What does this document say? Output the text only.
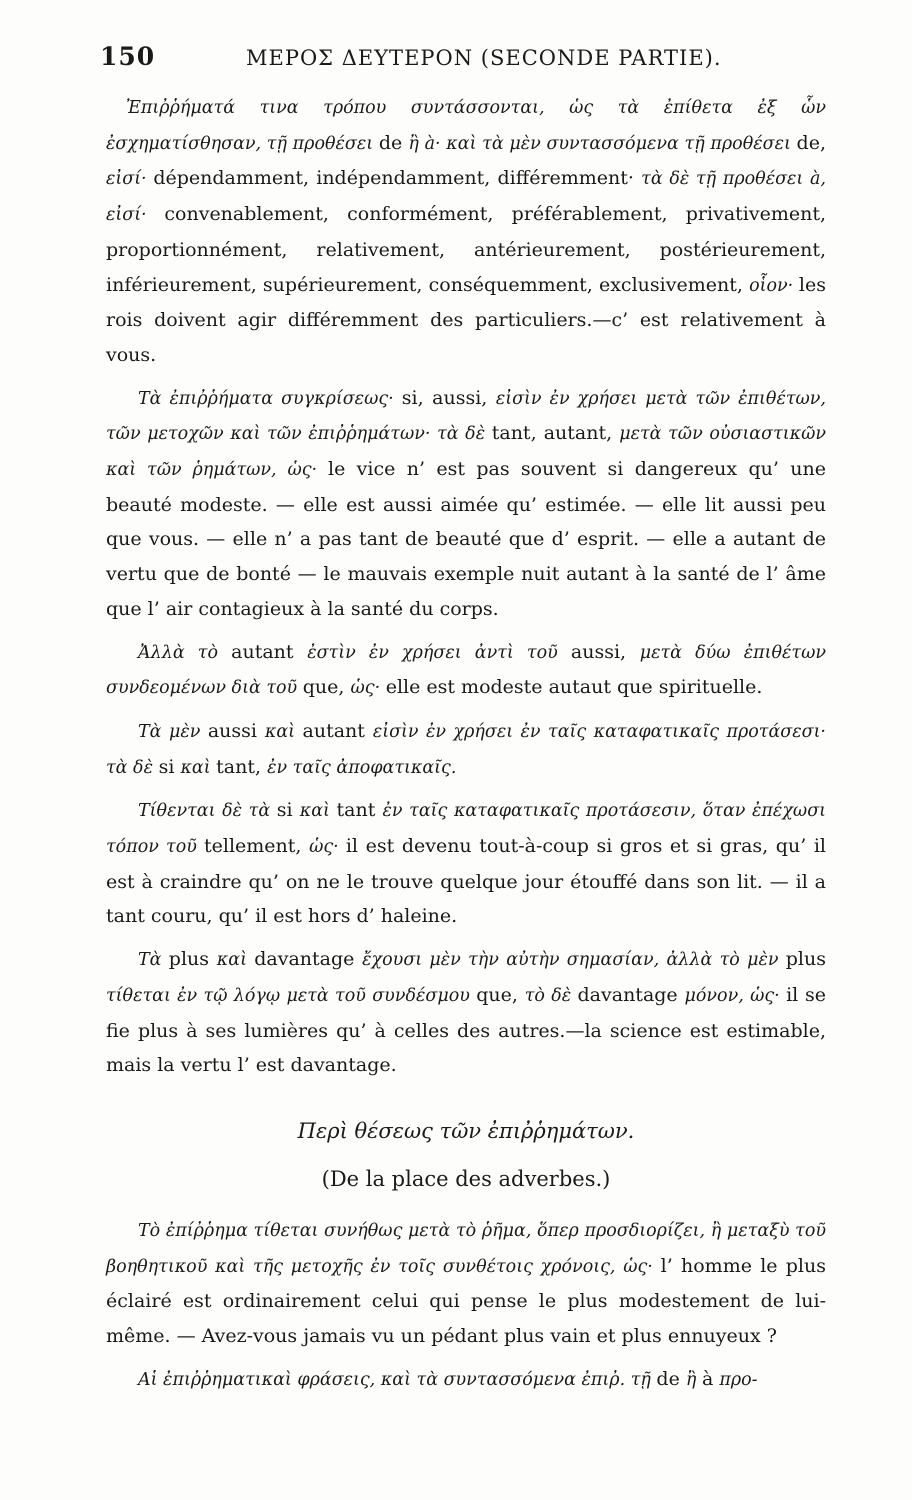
150	ΜΕΡΟΣ ΔΕΥΤΕΡΟΝ (SECONDE PARTIE).

Ἐπιῤῥήματά τινα τρόπου συντάσσονται, ὡς τὰ ἐπίθετα ἐξ ὧν ἐσχηματίσθησαν, τῇ προθέσει de ἢ à· καὶ τὰ μὲν συντασσόμενα τῇ προθέσει de, εἰσί· dépendamment, indépendamment, différemment· τὰ δὲ τῇ προθέσει à, εἰσί· convenablement, conformément, préférablement, privativement, proportionnément, relativement, antérieurement, postérieurement, inférieurement, supérieurement, conséquemment, exclusivement, οἷον· les rois doivent agir différemment des particuliers.—c’ est relativement à vous.

Τὰ ἐπιῤῥήματα συγκρίσεως· si, aussi, εἰσὶν ἐν χρήσει μετὰ τῶν ἐπιθέτων, τῶν μετοχῶν καὶ τῶν ἐπιῤῥημάτων· τὰ δὲ tant, autant, μετὰ τῶν οὐσιαστικῶν καὶ τῶν ῥημάτων, ὡς· le vice n’ est pas souvent si dangereux qu’ une beauté modeste. — elle est aussi aimée qu’ estimée. — elle lit aussi peu que vous. — elle n’ a pas tant de beauté que d’ esprit. — elle a autant de vertu que de bonté — le mauvais exemple nuit autant à la santé de l’ âme que l’ air contagieux à la santé du corps.

Ἀλλὰ τὸ autant ἐστὶν ἐν χρήσει ἀντὶ τοῦ aussi, μετὰ δύω ἐπιθέτων συνδεομένων διὰ τοῦ que, ὡς· elle est modeste autaut que spirituelle.

Τὰ μὲν aussi καὶ autant εἰσὶν ἐν χρήσει ἐν ταῖς καταφατικαῖς προτάσεσι· τὰ δὲ si καὶ tant, ἐν ταῖς ἀποφατικαῖς.

Τίθενται δὲ τὰ si καὶ tant ἐν ταῖς καταφατικαῖς προτάσεσιν, ὅταν ἐπέχωσι τόπον τοῦ tellement, ὡς· il est devenu tout-à-coup si gros et si gras, qu’ il est à craindre qu’ on ne le trouve quelque jour étouffé dans son lit. — il a tant couru, qu’ il est hors d’ haleine.

Τὰ plus καὶ davantage ἔχουσι μὲν τὴν αὐτὴν σημασίαν, ἀλλὰ τὸ μὲν plus τίθεται ἐν τῷ λόγῳ μετὰ τοῦ συνδέσμου que, τὸ δὲ davantage μόνον, ὡς· il se fie plus à ses lumières qu’ à celles des autres.—la science est estimable, mais la vertu l’ est davantage.

Περὶ θέσεως τῶν ἐπιῤῥημάτων.
(De la place des adverbes.)

Τὸ ἐπίῤῥημα τίθεται συνήθως μετὰ τὸ ῥῆμα, ὅπερ προσδιορίζει, ἢ μεταξὺ τοῦ βοηθητικοῦ καὶ τῆς μετοχῆς ἐν τοῖς συνθέτοις χρόνοις, ὡς· l’ homme le plus éclairé est ordinairement celui qui pense le plus modestement de lui-même. — Avez-vous jamais vu un pédant plus vain et plus ennuyeux ?

Αἱ ἐπιῤῥηματικαὶ φράσεις, καὶ τὰ συντασσόμενα ἐπιῤ. τῇ de ἢ à προ-
